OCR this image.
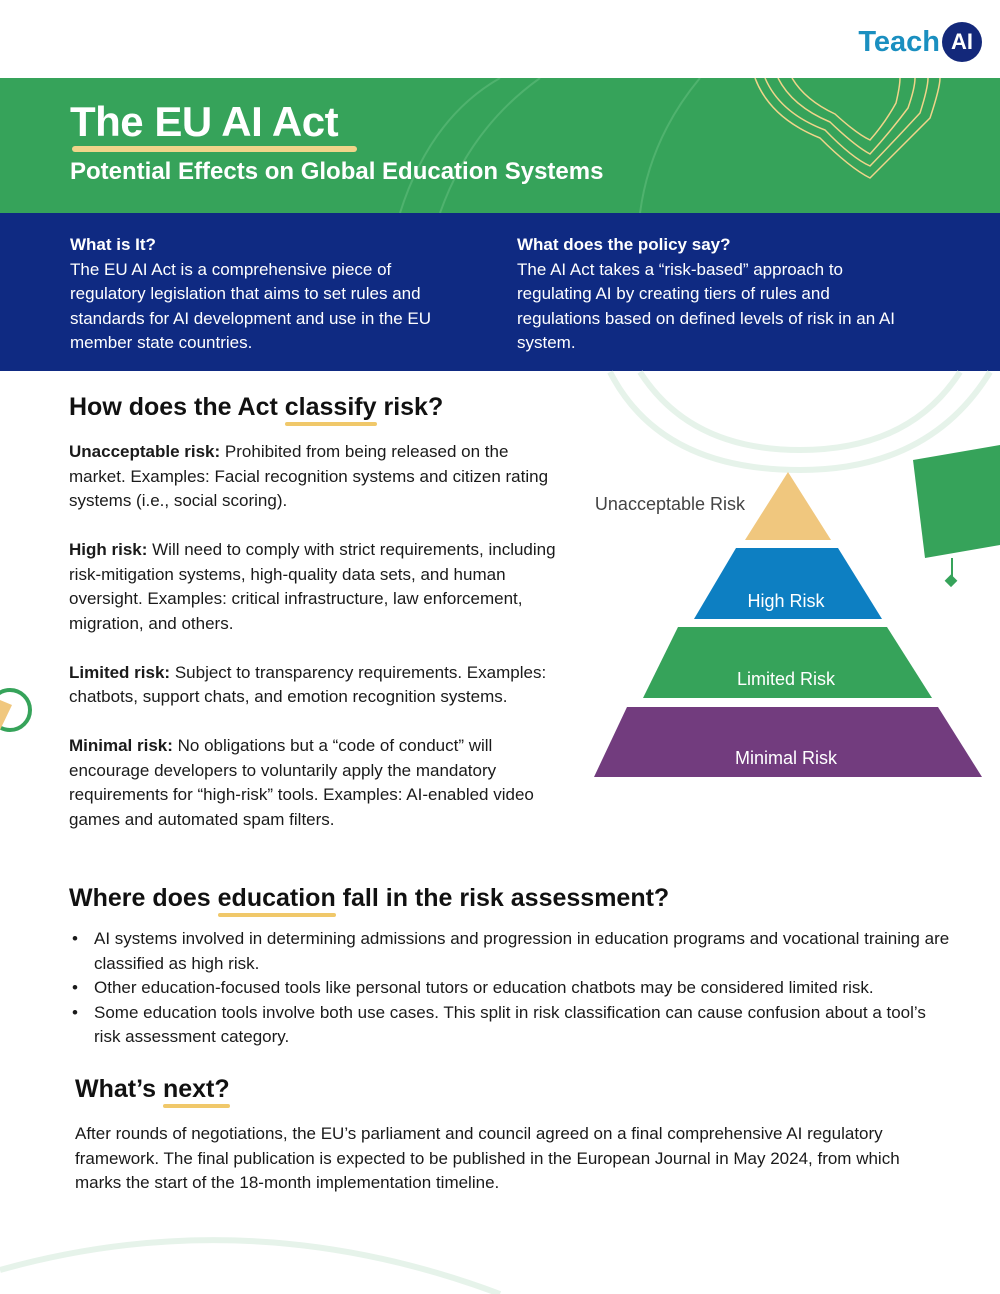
Teach AI
The EU AI Act
Potential Effects on Global Education Systems
What is It?
The EU AI Act is a comprehensive piece of regulatory legislation that aims to set rules and standards for AI development and use in the EU member state countries.
What does the policy say?
The AI Act takes a “risk-based” approach to regulating AI by creating tiers of rules and regulations based on defined levels of risk in an AI system.
Unacceptable Risk
High Risk
Limited Risk
Minimal Risk
How does the Act classify risk?

Unacceptable risk: Prohibited from being released on the market. Examples: Facial recognition systems and citizen rating systems (i.e., social scoring).

High risk: Will need to comply with strict requirements, including risk-mitigation systems, high-quality data sets, and human oversight. Examples: critical infrastructure, law enforcement, migration, and others.

Limited risk: Subject to transparency requirements. Examples: chatbots, support chats, and emotion recognition systems.

Minimal risk: No obligations but a “code of conduct” will encourage developers to voluntarily apply the mandatory requirements for “high-risk” tools. Examples: AI-enabled video games and automated spam filters.

Where does education fall in the risk assessment?
• AI systems involved in determining admissions and progression in education programs and vocational training are classified as high risk.
• Other education-focused tools like personal tutors or education chatbots may be considered limited risk.
• Some education tools involve both use cases. This split in risk classification can cause confusion about a tool’s risk assessment category.
What’s next?

After rounds of negotiations, the EU’s parliament and council agreed on a final comprehensive AI regulatory framework. The final publication is expected to be published in the European Journal in May 2024, from which marks the start of the 18-month implementation timeline.
